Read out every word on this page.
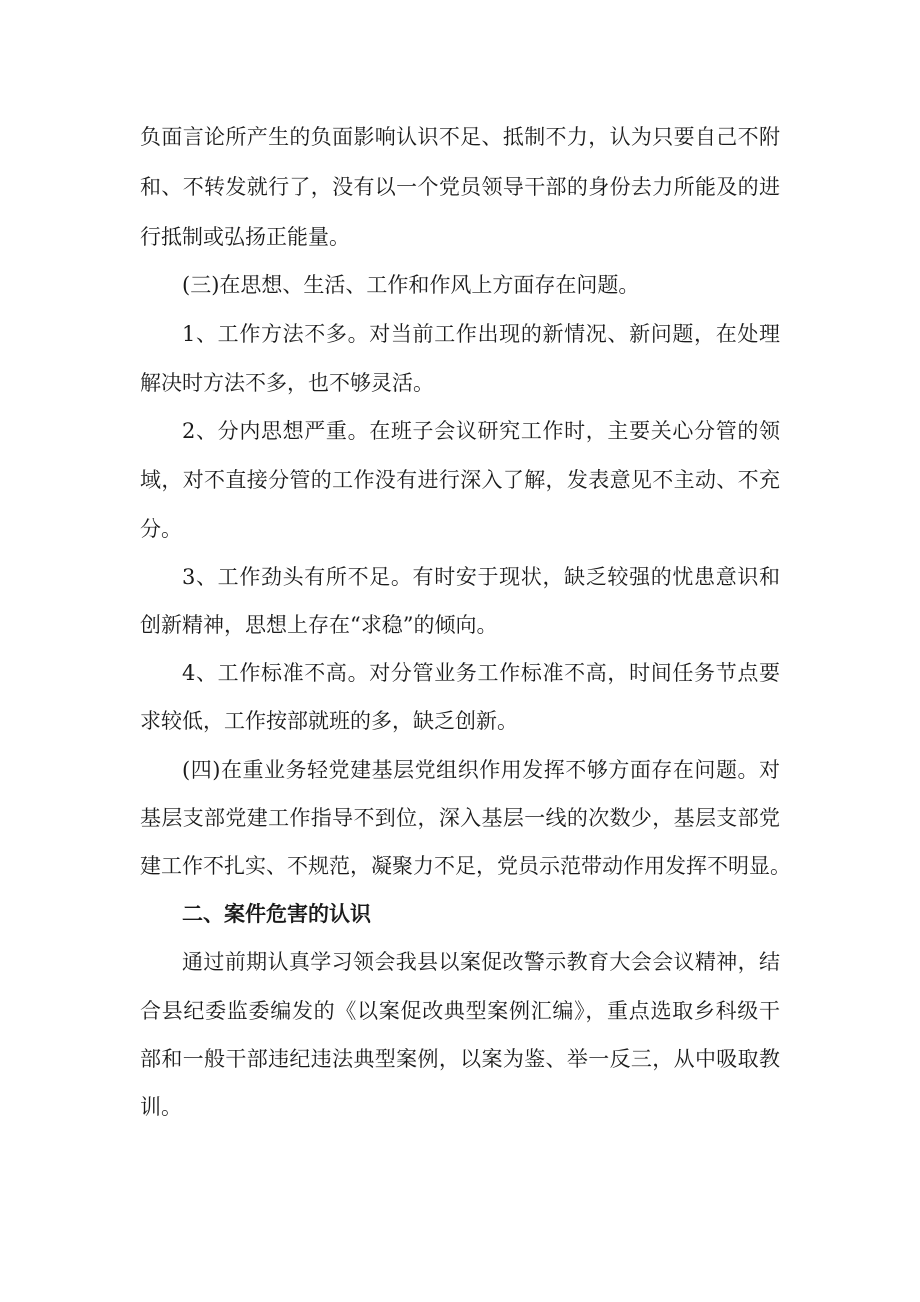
负面言论所产生的负面影响认识不足、抵制不力，认为只要自己不附

和、不转发就行了，没有以一个党员领导干部的身份去力所能及的进

行抵制或弘扬正能量。

(三)在思想、生活、工作和作风上方面存在问题。

1、工作方法不多。对当前工作出现的新情况、新问题，在处理

解决时方法不多，也不够灵活。

2、分内思想严重。在班子会议研究工作时，主要关心分管的领

域，对不直接分管的工作没有进行深入了解，发表意见不主动、不充

分。

3、工作劲头有所不足。有时安于现状，缺乏较强的忧患意识和

创新精神，思想上存在“求稳”的倾向。

4、工作标准不高。对分管业务工作标准不高，时间任务节点要

求较低，工作按部就班的多，缺乏创新。

(四)在重业务轻党建基层党组织作用发挥不够方面存在问题。对

基层支部党建工作指导不到位，深入基层一线的次数少，基层支部党

建工作不扎实、不规范，凝聚力不足，党员示范带动作用发挥不明显。

二、案件危害的认识

通过前期认真学习领会我县以案促改警示教育大会会议精神，结

合县纪委监委编发的《以案促改典型案例汇编》，重点选取乡科级干

部和一般干部违纪违法典型案例，以案为鉴、举一反三，从中吸取教

训。
